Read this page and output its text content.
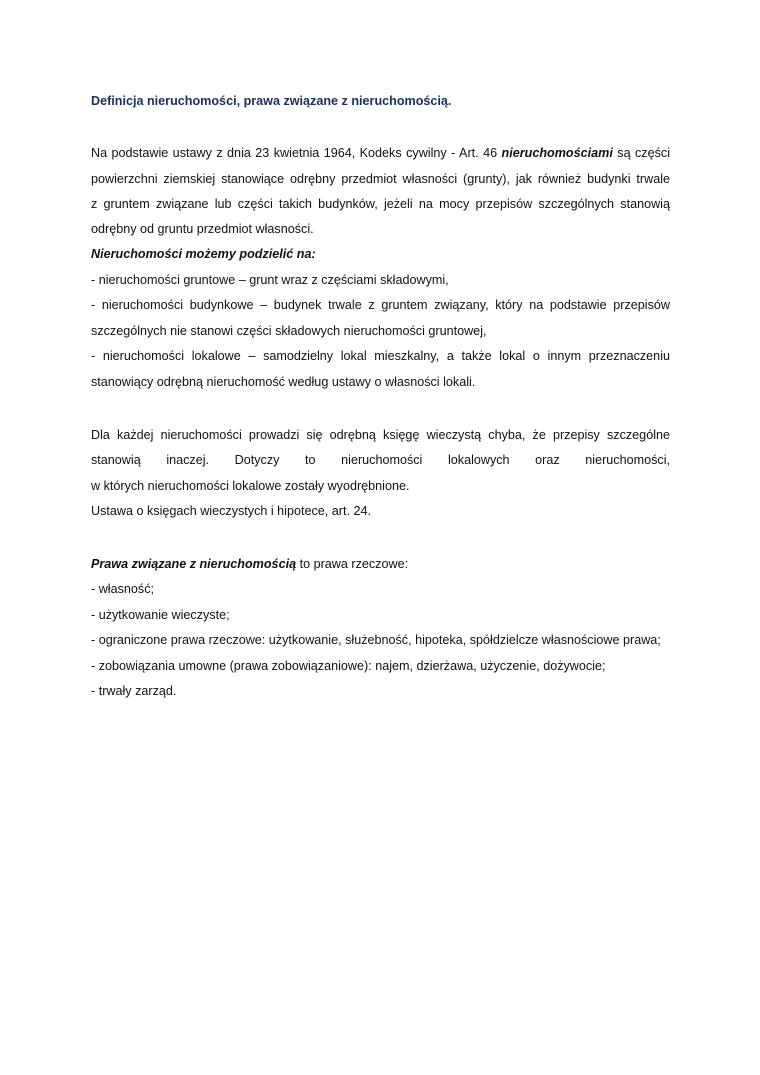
Definicja nieruchomości, prawa związane z nieruchomością.
Na podstawie ustawy z dnia 23 kwietnia 1964, Kodeks cywilny - Art. 46 nieruchomościami są części
powierzchni ziemskiej stanowiące odrębny przedmiot własności (grunty), jak również budynki trwale
z gruntem związane lub części takich budynków, jeżeli na mocy przepisów szczególnych stanowią
odrębny od gruntu przedmiot własności.
Nieruchomości możemy podzielić na:
- nieruchomości gruntowe – grunt wraz z częściami składowymi,
- nieruchomości budynkowe – budynek trwale z gruntem związany, który na podstawie przepisów
szczególnych nie stanowi części składowych nieruchomości gruntowej,
- nieruchomości lokalowe – samodzielny lokal mieszkalny, a także lokal o innym przeznaczeniu
stanowiący odrębną nieruchomość według ustawy o własności lokali.
Dla każdej nieruchomości prowadzi się odrębną księgę wieczystą chyba, że przepisy szczególne
stanowią inaczej. Dotyczy to nieruchomości lokalowych oraz nieruchomości,
w których nieruchomości lokalowe zostały wyodrębnione.
Ustawa o księgach wieczystych i hipotece, art. 24.
Prawa związane z nieruchomością to prawa rzeczowe:
- własność;
- użytkowanie wieczyste;
- ograniczone prawa rzeczowe: użytkowanie, służebność, hipoteka, spółdzielcze własnościowe prawa;
- zobowiązania umowne (prawa zobowiązaniowe): najem, dzierżawa, użyczenie, dożywocie;
- trwały zarząd.
